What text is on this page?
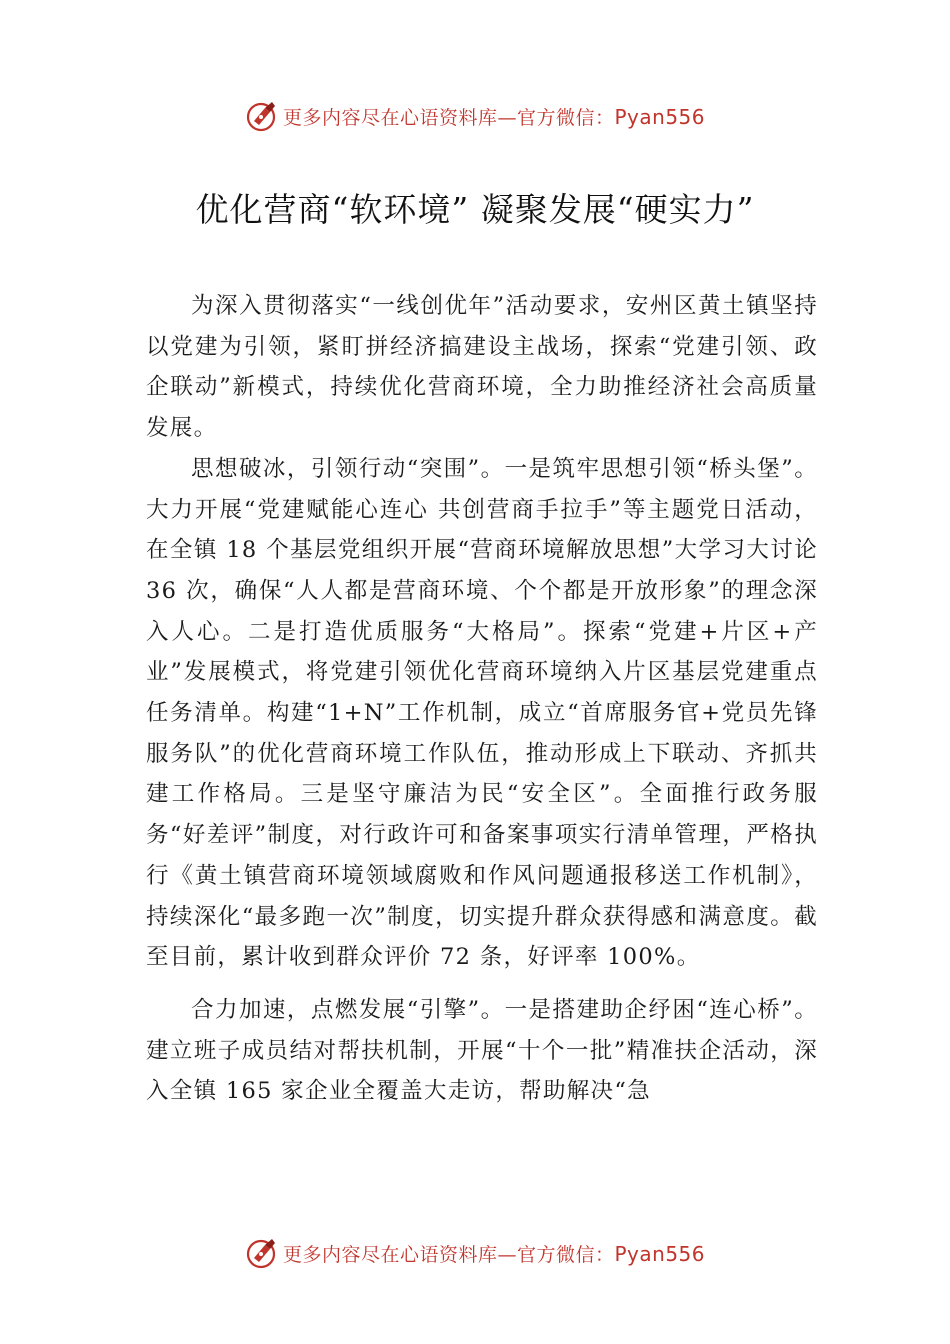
更多内容尽在心语资料库—官方微信：Pyan556
优化营商“软环境” 凝聚发展“硬实力”

为深入贯彻落实“一线创优年”活动要求，安州区黄土镇坚持以党建为引领，紧盯拼经济搞建设主战场，探索“党建引领、政企联动”新模式，持续优化营商环境，全力助推经济社会高质量发展。

思想破冰，引领行动“突围”。一是筑牢思想引领“桥头堡”。大力开展“党建赋能心连心 共创营商手拉手”等主题党日活动，在全镇 18 个基层党组织开展“营商环境解放思想”大学习大讨论 36 次，确保“人人都是营商环境、个个都是开放形象”的理念深入人心。二是打造优质服务“大格局”。探索“党建+片区+产业”发展模式，将党建引领优化营商环境纳入片区基层党建重点任务清单。构建“1+N”工作机制，成立“首席服务官+党员先锋服务队”的优化营商环境工作队伍，推动形成上下联动、齐抓共建工作格局。三是坚守廉洁为民“安全区”。全面推行政务服务“好差评”制度，对行政许可和备案事项实行清单管理，严格执行《黄土镇营商环境领域腐败和作风问题通报移送工作机制》，持续深化“最多跑一次”制度，切实提升群众获得感和满意度。截至目前，累计收到群众评价 72 条，好评率 100%。

合力加速，点燃发展“引擎”。一是搭建助企纾困“连心桥”。建立班子成员结对帮扶机制，开展“十个一批”精准扶企活动，深入全镇 165 家企业全覆盖大走访，帮助解决“急

更多内容尽在心语资料库—官方微信：Pyan556
